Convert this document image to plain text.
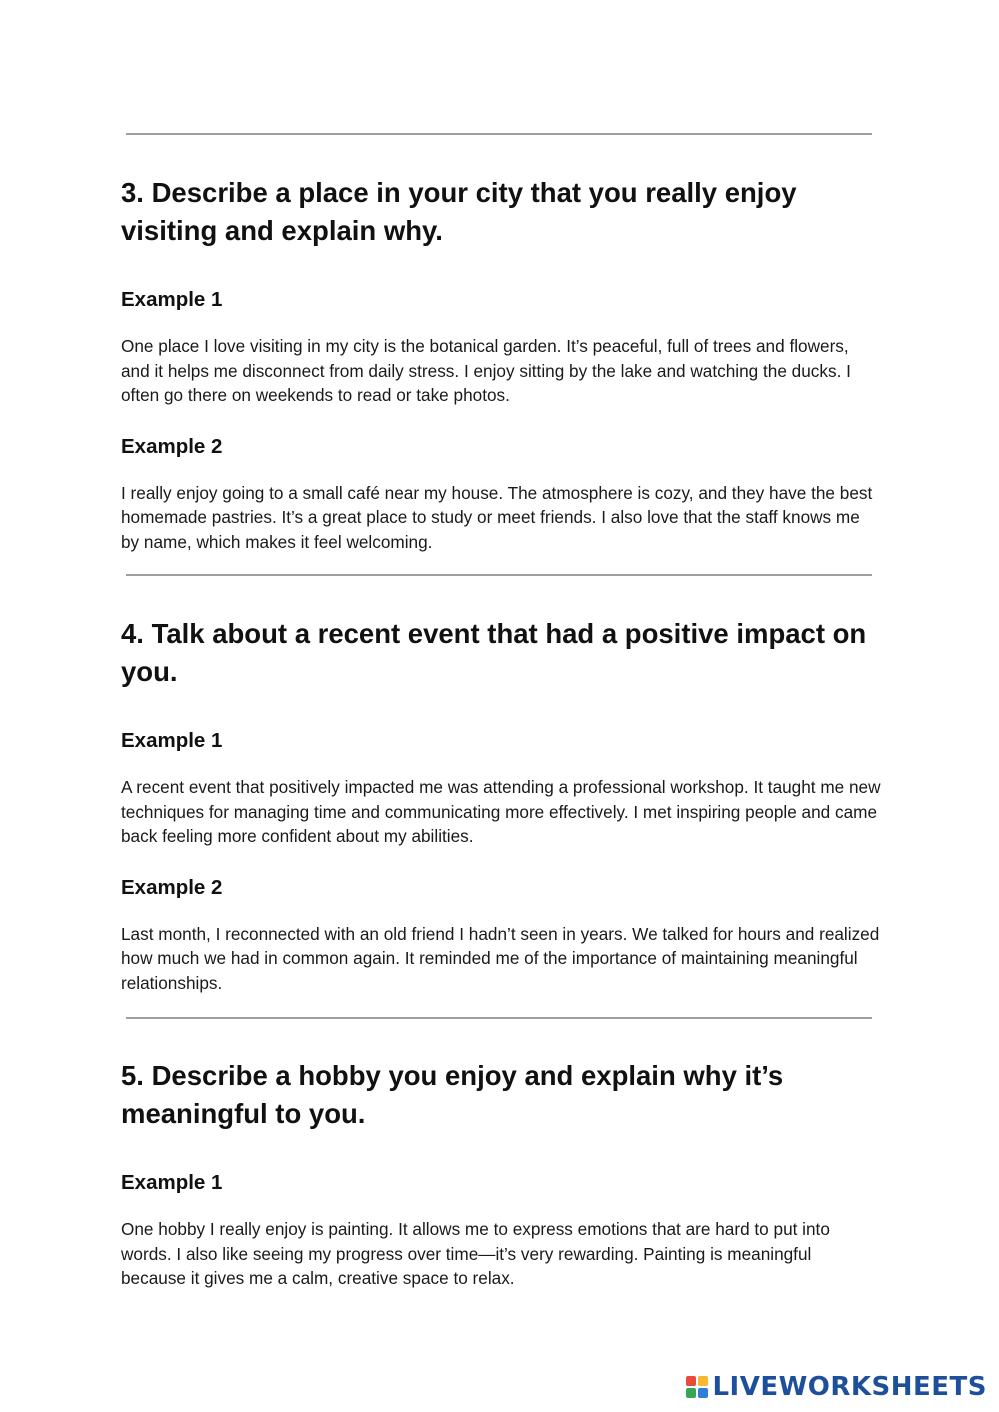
3. Describe a place in your city that you really enjoy visiting and explain why.
Example 1

One place I love visiting in my city is the botanical garden. It’s peaceful, full of trees and flowers, and it helps me disconnect from daily stress. I enjoy sitting by the lake and watching the ducks. I often go there on weekends to read or take photos.

Example 2

I really enjoy going to a small café near my house. The atmosphere is cozy, and they have the best homemade pastries. It’s a great place to study or meet friends. I also love that the staff knows me by name, which makes it feel welcoming.

4. Talk about a recent event that had a positive impact on you.
Example 1

A recent event that positively impacted me was attending a professional workshop. It taught me new techniques for managing time and communicating more effectively. I met inspiring people and came back feeling more confident about my abilities.

Example 2

Last month, I reconnected with an old friend I hadn’t seen in years. We talked for hours and realized how much we had in common again. It reminded me of the importance of maintaining meaningful relationships.

5. Describe a hobby you enjoy and explain why it’s meaningful to you.
Example 1

One hobby I really enjoy is painting. It allows me to express emotions that are hard to put into words. I also like seeing my progress over time—it’s very rewarding. Painting is meaningful because it gives me a calm, creative space to relax.

LIVEWORKSHEETS
